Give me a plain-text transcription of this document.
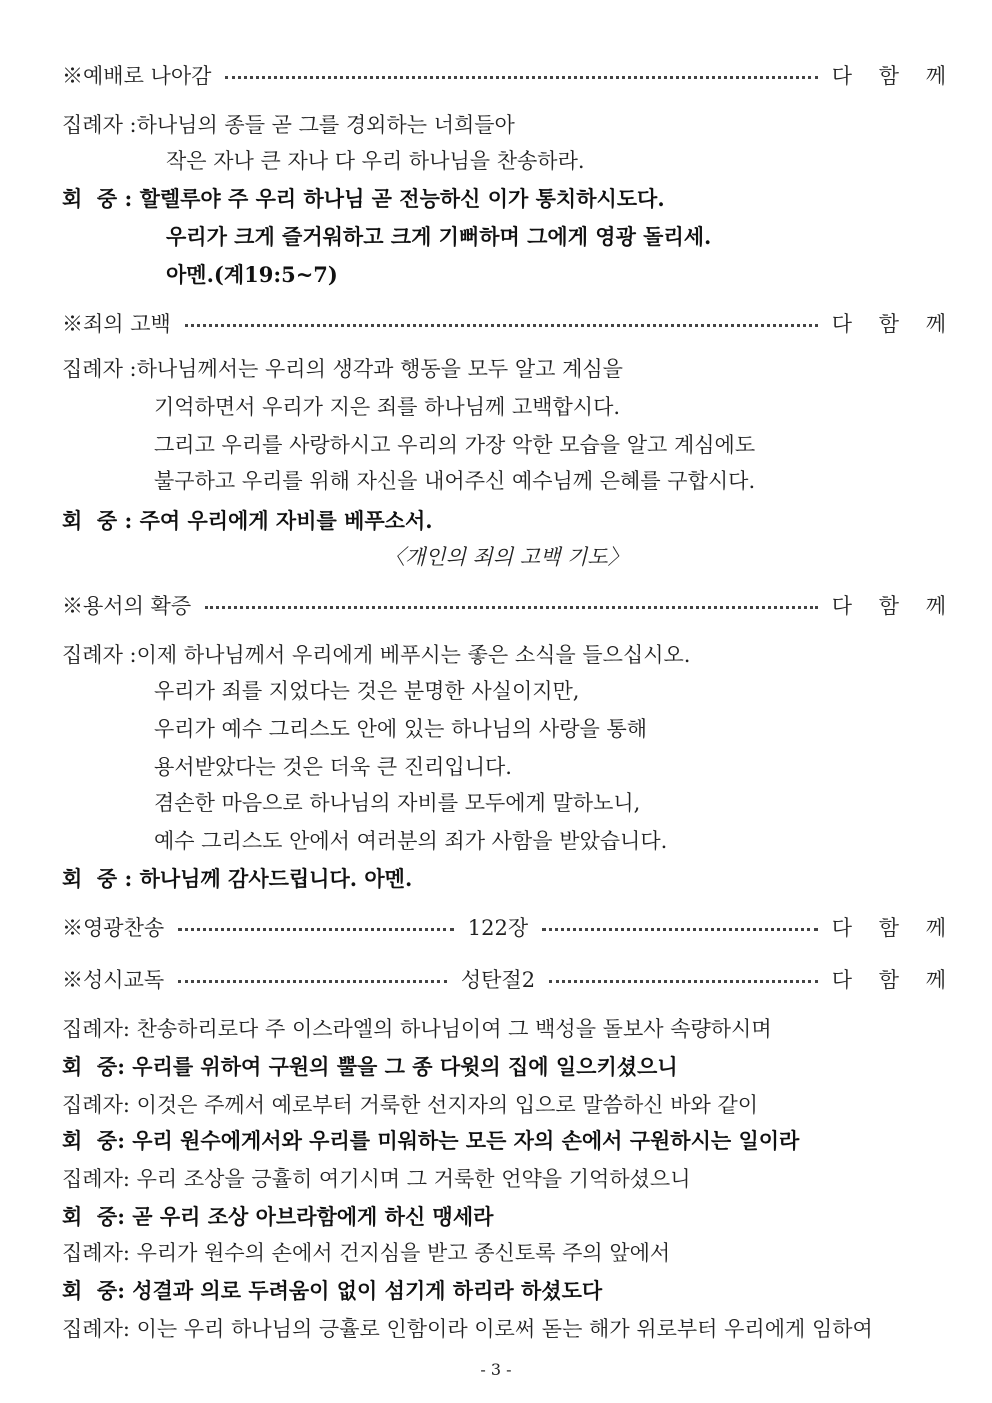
※예배로 나아감	다 함 께
집례자 :하나님의 종들 곧 그를 경외하는 너희들아
작은 자나 큰 자나 다 우리 하나님을 찬송하라.
회  중 : 할렐루야 주 우리 하나님 곧 전능하신 이가 통치하시도다.
우리가 크게 즐거워하고 크게 기뻐하며 그에게 영광 돌리세.
아멘.(계19:5~7)
※죄의 고백	다 함 께
집례자 :하나님께서는 우리의 생각과 행동을 모두 알고 계심을
기억하면서 우리가 지은 죄를 하나님께 고백합시다.
그리고 우리를 사랑하시고 우리의 가장 악한 모습을 알고 계심에도
불구하고 우리를 위해 자신을 내어주신 예수님께 은혜를 구합시다.
회  중 : 주여 우리에게 자비를 베푸소서.
〈개인의 죄의 고백 기도〉
※용서의 확증	다 함 께
집례자 :이제 하나님께서 우리에게 베푸시는 좋은 소식을 들으십시오.
우리가 죄를 지었다는 것은 분명한 사실이지만,
우리가 예수 그리스도 안에 있는 하나님의 사랑을 통해
용서받았다는 것은 더욱 큰 진리입니다.
겸손한 마음으로 하나님의 자비를 모두에게 말하노니,
예수 그리스도 안에서 여러분의 죄가 사함을 받았습니다.
회  중 : 하나님께 감사드립니다. 아멘.
※영광찬송	122장	다 함 께
※성시교독	성탄절2	다 함 께
집례자: 찬송하리로다 주 이스라엘의 하나님이여 그 백성을 돌보사 속량하시며
회  중: 우리를 위하여 구원의 뿔을 그 종 다윗의 집에 일으키셨으니
집례자: 이것은 주께서 예로부터 거룩한 선지자의 입으로 말씀하신 바와 같이
회  중: 우리 원수에게서와 우리를 미워하는 모든 자의 손에서 구원하시는 일이라
집례자: 우리 조상을 긍휼히 여기시며 그 거룩한 언약을 기억하셨으니
회  중: 곧 우리 조상 아브라함에게 하신 맹세라
집례자: 우리가 원수의 손에서 건지심을 받고 종신토록 주의 앞에서
회  중: 성결과 의로 두려움이 없이 섬기게 하리라 하셨도다
집례자: 이는 우리 하나님의 긍휼로 인함이라 이로써 돋는 해가 위로부터 우리에게 임하여
- 3 -
